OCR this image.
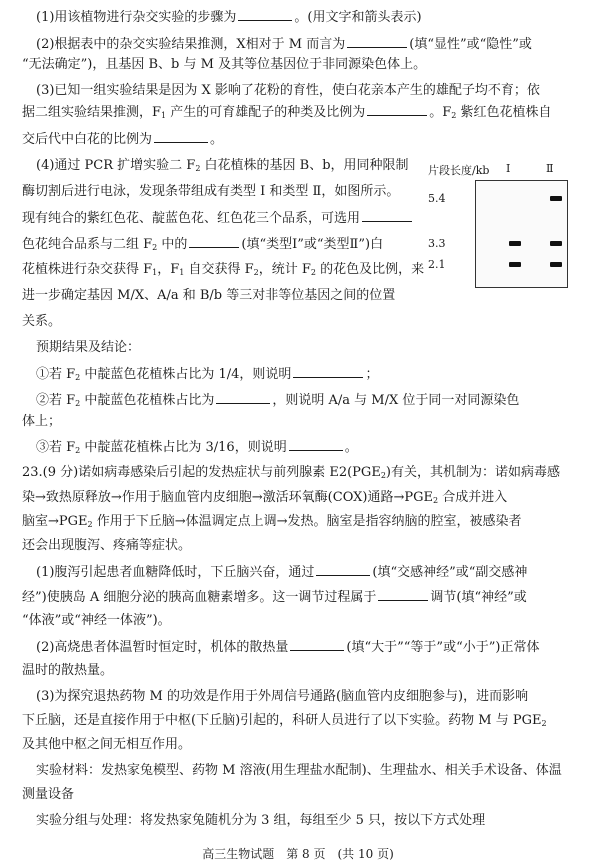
(1)用该植物进行杂交实验的步骤为	。(用文字和箭头表示)
(2)根据表中的杂交实验结果推测，X相对于 M 而言为	(填“显性”或“隐性”或
“无法确定”)，且基因 B、b 与 M 及其等位基因位于非同源染色体上。
(3)已知一组实验结果是因为 X 影响了花粉的育性，使白花亲本产生的雄配子均不育；依
据二组实验结果推测，$F_1$ 产生的可育雄配子的种类及比例为	。$F_2$ 紫红色花植株自
交后代中白花的比例为	。
(4)通过 PCR 扩增实验二 $F_2$ 白花植株的基因 B、b，用同种限制
酶切割后进行电泳，发现条带组成有类型 Ⅰ 和类型 Ⅱ，如图所示。
现有纯合的紫红色花、靛蓝色花、红色花三个品系，可选用
色花纯合品系与二组 $F_2$ 中的	(填“类型Ⅰ”或“类型Ⅱ”)白
花植株进行杂交获得 $F_1$，$F_1$ 自交获得 $F_2$，统计 $F_2$ 的花色及比例，来
进一步确定基因 M/X、A/a 和 B/b 等三对非等位基因之间的位置
关系。
片段长度/kb Ⅰ	Ⅱ
5.4
3.3
2.1
预期结果及结论：
①若 $F_2$ 中靛蓝色花植株占比为 1/4，则说明	；
②若 $F_2$ 中靛蓝色花植株占比为	，则说明 A/a 与 M/X 位于同一对同源染色
体上；
③若 $F_2$ 中靛蓝花植株占比为 3/16，则说明	。
23.(9 分)诺如病毒感染后引起的发热症状与前列腺素 $E2(PGE_2)$有关，其机制为：诺如病毒感
染→致热原释放→作用于脑血管内皮细胞→激活环氧酶(COX)通路$\to PGE_2$ 合成并进入
脑室$\to PGE_2$ 作用于下丘脑→体温调定点上调→发热。脑室是指容纳脑的腔室，被感染者
还会出现腹泻、疼痛等症状。
(1)腹泻引起患者血糖降低时，下丘脑兴奋，通过	(填“交感神经”或“副交感神
经”)使胰岛 A 细胞分泌的胰高血糖素增多。这一调节过程属于	调节(填“神经”或
“体液”或“神经一体液”)。
(2)高烧患者体温暂时恒定时，机体的散热量	(填“大于”“等于”或“小于”)正常体
温时的散热量。
(3)为探究退热药物 M 的功效是作用于外周信号通路(脑血管内皮细胞参与)，进而影响
下丘脑，还是直接作用于中枢(下丘脑)引起的，科研人员进行了以下实验。药物 M 与 $PGE_2$
及其他中枢之间无相互作用。
实验材料：发热家兔模型、药物 M 溶液(用生理盐水配制)、生理盐水、相关手术设备、体温
测量设备
实验分组与处理：将发热家兔随机分为 3 组，每组至少 5 只，按以下方式处理
高三生物试题　第 8 页　(共 10 页)
